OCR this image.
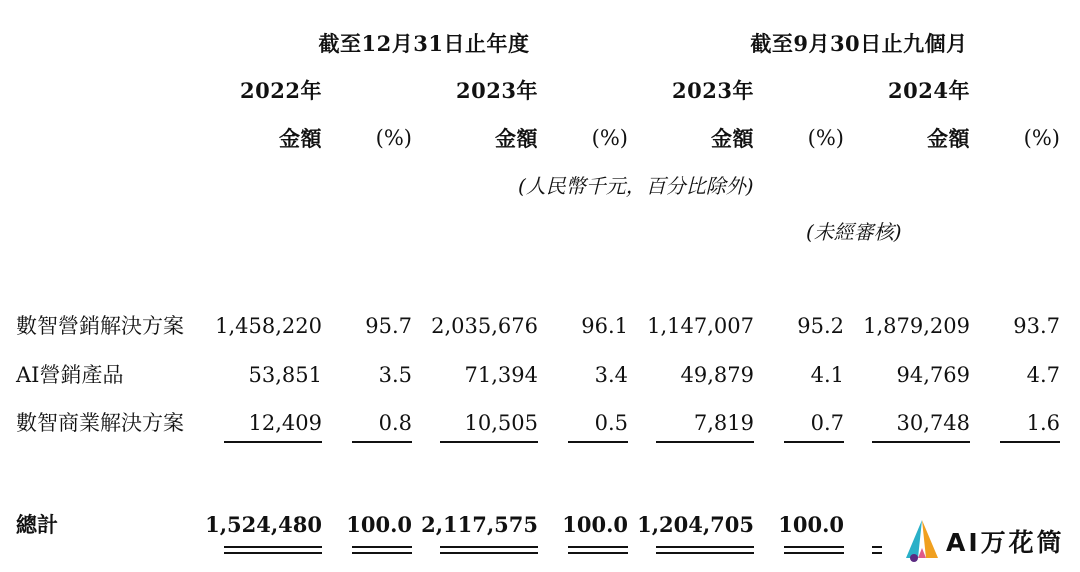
截至12月31日止年度	截至9月30日止九個月
2022年	2023年	2023年	2024年
金額	(%)	金額	(%)	金額	(%)	金額	(%)
(人民幣千元，百分比除外)
(未經審核)
數智營銷解決方案	1,458,220	95.7 2,035,676	96.1 1,147,007	95.2 1,879,209	93.7
AI營銷產品	53,851	3.5	71,394	3.4	49,879	4.1	94,769	4.7
數智商業解決方案	12,409	0.8	10,505	0.5	7,819	0.7	30,748	1.6
總計	1,524,480 100.0 2,117,575 100.0 1,204,705 100.0
AI万花筒
